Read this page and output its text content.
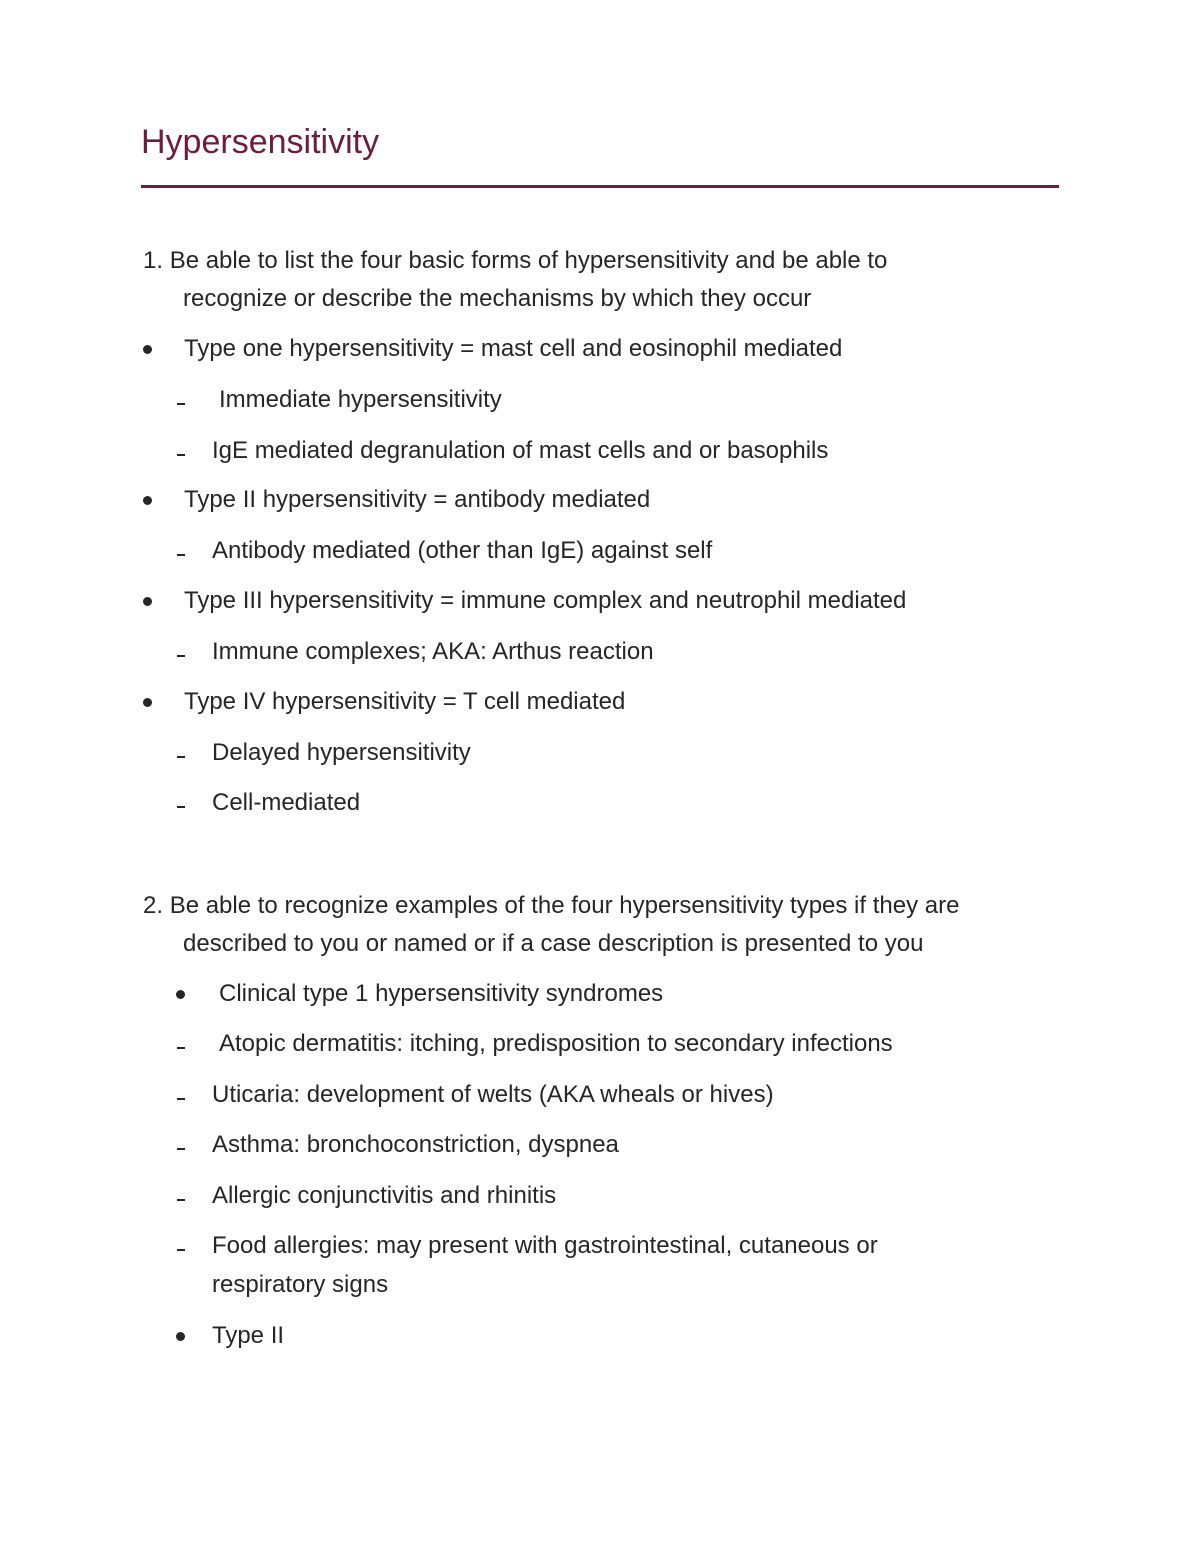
Hypersensitivity
1. Be able to list the four basic forms of hypersensitivity and be able to
recognize or describe the mechanisms by which they occur
Type one hypersensitivity = mast cell and eosinophil mediated
Immediate hypersensitivity
IgE mediated degranulation of mast cells and or basophils
Type II hypersensitivity = antibody mediated
Antibody mediated (other than IgE) against self
Type III hypersensitivity = immune complex and neutrophil mediated
Immune complexes; AKA: Arthus reaction
Type IV hypersensitivity = T cell mediated
Delayed hypersensitivity
Cell-mediated
2. Be able to recognize examples of the four hypersensitivity types if they are
described to you or named or if a case description is presented to you
Clinical type 1 hypersensitivity syndromes
Atopic dermatitis: itching, predisposition to secondary infections
Uticaria: development of welts (AKA wheals or hives)
Asthma: bronchoconstriction, dyspnea
Allergic conjunctivitis and rhinitis
Food allergies: may present with gastrointestinal, cutaneous or
respiratory signs
Type II
